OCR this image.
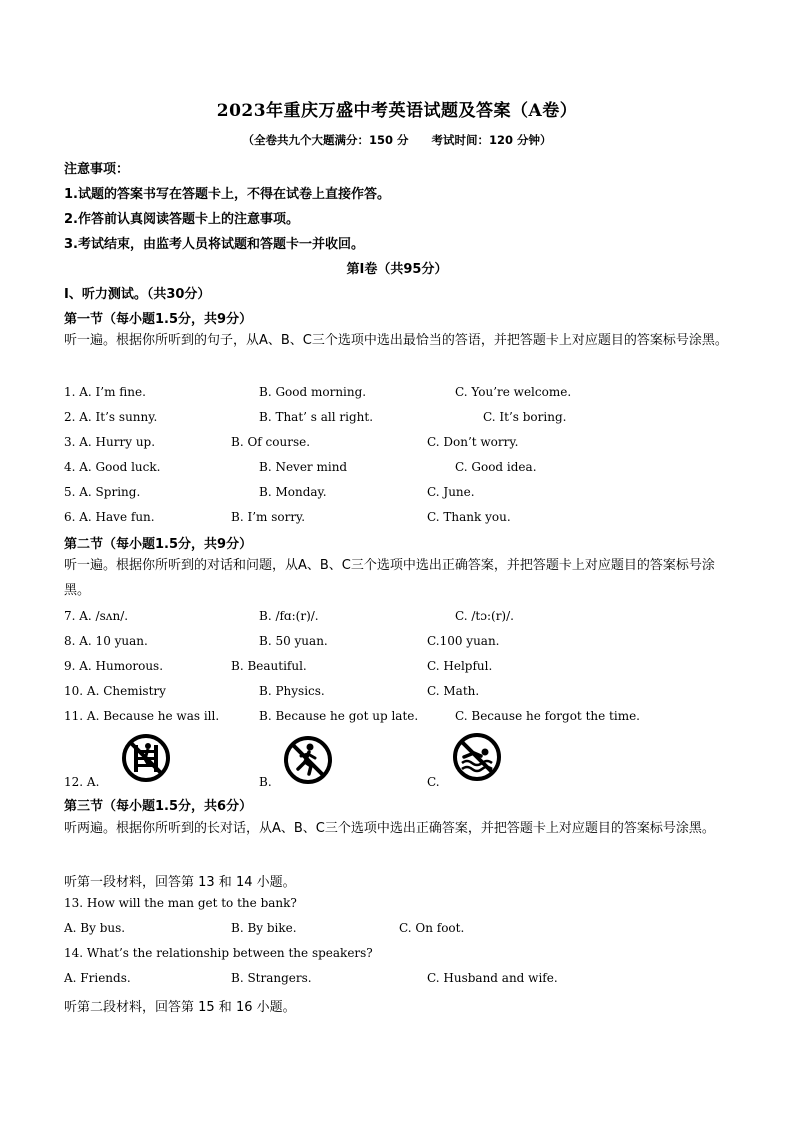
2023年重庆万盛中考英语试题及答案（A卷）
（全卷共九个大题满分：150 分　　考试时间：120 分钟）
注意事项：
1.试题的答案书写在答题卡上，不得在试卷上直接作答。
2.作答前认真阅读答题卡上的注意事项。
3.考试结束，由监考人员将试题和答题卡一并收回。
第Ⅰ卷（共95分）
Ⅰ、听力测试。（共30分）
第一节（每小题1.5分，共9分）
听一遍。根据你所听到的句子，从A、B、C三个选项中选出最恰当的答语，并把答题卡上对应题目的答案标号涂黑。
1. A. I’m fine.	B. Good morning.	C. You’re welcome.
2. A. It’s sunny.	B. That’ s all right.	C. It’s boring.
3. A. Hurry up.	B. Of course.	C. Don’t worry.
4. A. Good luck.	B. Never mind	C. Good idea.
5. A. Spring.	B. Monday.	C. June.
6. A. Have fun.	B. I’m sorry.	C. Thank you.
第二节（每小题1.5分，共9分）
听一遍。根据你所听到的对话和问题，从A、B、C三个选项中选出正确答案，并把答题卡上对应题目的答案标号涂黑。
7. A. /sʌn/.	B. /fɑ:(r)/.	C. /tɔ:(r)/.
8. A. 10 yuan.	B. 50 yuan.	C.100 yuan.
9. A. Humorous.	B. Beautiful.	C. Helpful.
10. A. Chemistry	B. Physics.	C. Math.
11. A. Because he was ill.	B. Because he got up late.	C. Because he forgot the time.
12. A.	B.	C.
第三节（每小题1.5分，共6分）
听两遍。根据你所听到的长对话，从A、B、C三个选项中选出正确答案，并把答题卡上对应题目的答案标号涂黑。
听第一段材料，回答第 13 和 14 小题。
13. How will the man get to the bank?
A. By bus.	B. By bike.	C. On foot.
14. What’s the relationship between the speakers?
A. Friends.	B. Strangers.	C. Husband and wife.
听第二段材料，回答第 15 和 16 小题。
